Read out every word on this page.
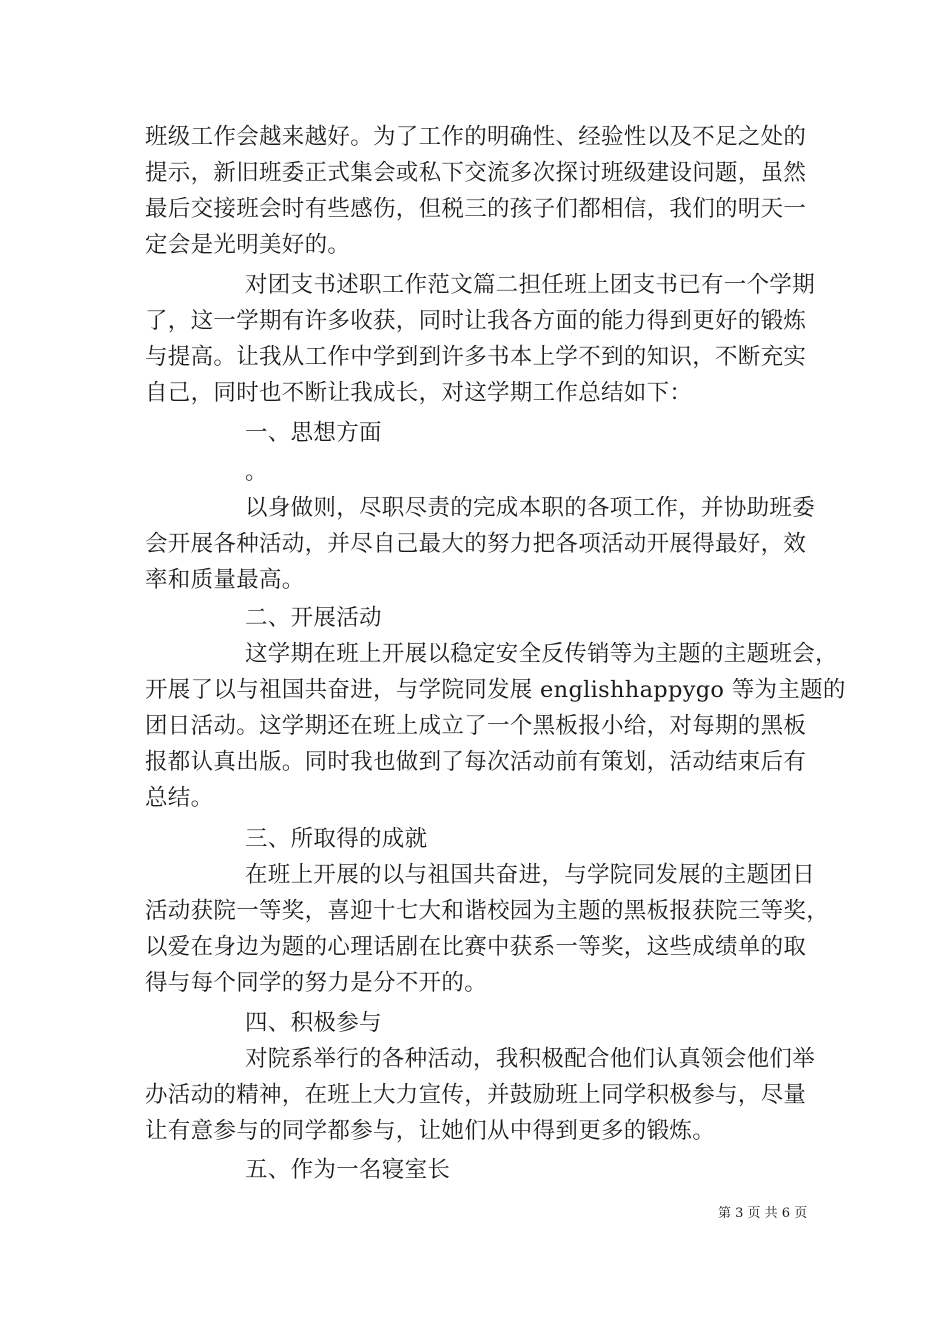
班级工作会越来越好。为了工作的明确性、经验性以及不足之处的
提示，新旧班委正式集会或私下交流多次探讨班级建设问题，虽然
最后交接班会时有些感伤，但税三的孩子们都相信，我们的明天一
定会是光明美好的。
对团支书述职工作范文篇二担任班上团支书已有一个学期
了，这一学期有许多收获，同时让我各方面的能力得到更好的锻炼
与提高。让我从工作中学到到许多书本上学不到的知识，不断充实
自己，同时也不断让我成长，对这学期工作总结如下：
一、思想方面
。
以身做则，尽职尽责的完成本职的各项工作，并协助班委
会开展各种活动，并尽自己最大的努力把各项活动开展得最好，效
率和质量最高。
二、开展活动
这学期在班上开展以稳定安全反传销等为主题的主题班会，
开展了以与祖国共奋进，与学院同发展 englishhappygo 等为主题的
团日活动。这学期还在班上成立了一个黑板报小给，对每期的黑板
报都认真出版。同时我也做到了每次活动前有策划，活动结束后有
总结。
三、所取得的成就
在班上开展的以与祖国共奋进，与学院同发展的主题团日
活动获院一等奖，喜迎十七大和谐校园为主题的黑板报获院三等奖，
以爱在身边为题的心理话剧在比赛中获系一等奖，这些成绩单的取
得与每个同学的努力是分不开的。
四、积极参与
对院系举行的各种活动，我积极配合他们认真领会他们举
办活动的精神，在班上大力宣传，并鼓励班上同学积极参与，尽量
让有意参与的同学都参与，让她们从中得到更多的锻炼。
五、作为一名寝室长
第 3 页 共 6 页
